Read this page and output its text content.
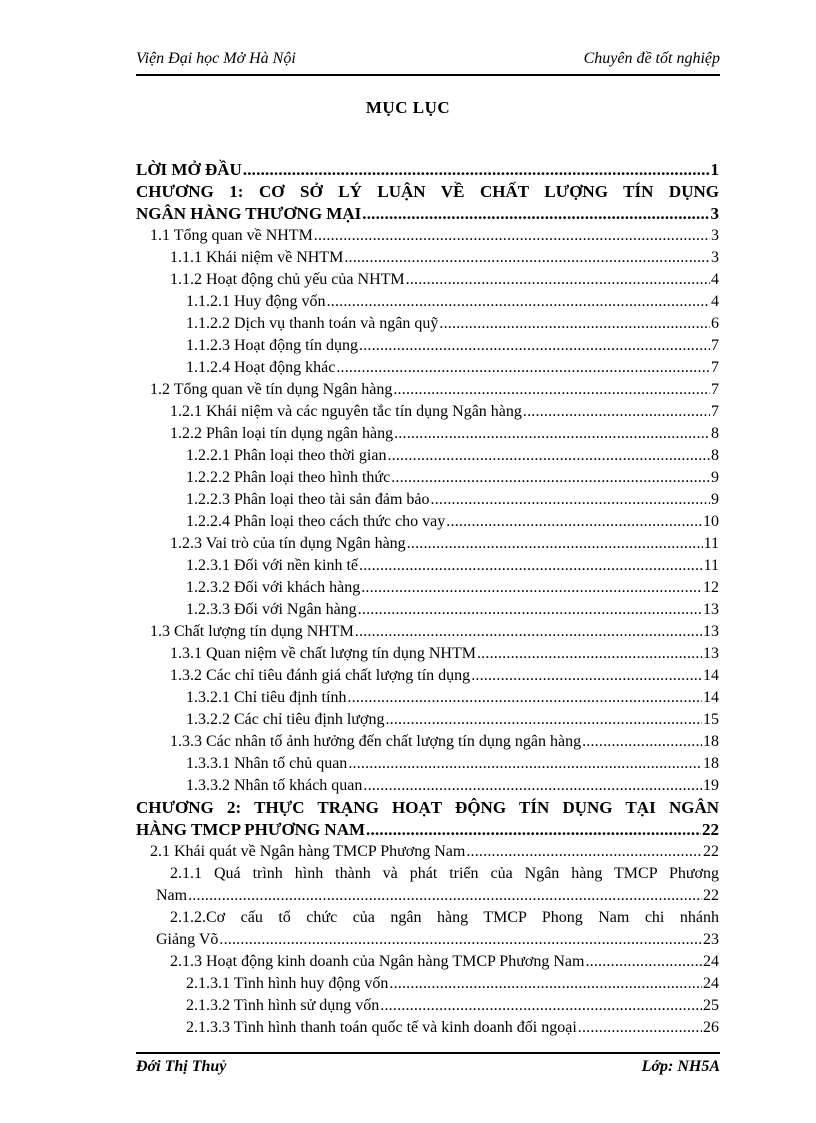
Viện Đại học Mở Hà Nội	Chuyên đề tốt nghiệp
MỤC LỤC
LỜI MỞ ĐẦU .....	1
CHƯƠNG 1: CƠ SỞ LÝ LUẬN VỀ CHẤT LƯỢNG TÍN DỤNG
NGÂN HÀNG THƯƠNG MẠI .....	3
1.1 Tổng quan về NHTM .....	3
1.1.1 Khái niệm về NHTM .....	3
1.1.2 Hoạt động chủ yếu của NHTM .....	4
1.1.2.1 Huy động vốn .....	4
1.1.2.2 Dịch vụ thanh toán và ngân quỹ .....	6
1.1.2.3 Hoạt động tín dụng .....	7
1.1.2.4 Hoạt động khác .....	7
1.2 Tổng quan về tín dụng Ngân hàng .....	7
1.2.1 Khái niệm và các nguyên tắc tín dụng Ngân hàng .....	7
1.2.2 Phân loại tín dụng ngân hàng .....	8
1.2.2.1 Phân loại theo thời gian .....	8
1.2.2.2 Phân loại theo hình thức .....	9
1.2.2.3 Phân loại theo tài sản đảm bảo .....	9
1.2.2.4 Phân loại theo cách thức cho vay .....	10
1.2.3 Vai trò của tín dụng Ngân hàng .....	11
1.2.3.1 Đối với nền kinh tế .....	11
1.2.3.2 Đối với khách hàng .....	12
1.2.3.3 Đối với Ngân hàng .....	13
1.3 Chất lượng tín dụng NHTM .....	13
1.3.1 Quan niệm về chất lượng tín dụng NHTM .....	13
1.3.2 Các chỉ tiêu đánh giá chất lượng tín dụng .....	14
1.3.2.1 Chỉ tiêu định tính .....	14
1.3.2.2 Các chỉ tiêu định lượng .....	15
1.3.3 Các nhân tố ảnh hưởng đến chất lượng tín dụng ngân hàng .....	18
1.3.3.1 Nhân tố chủ quan .....	18
1.3.3.2 Nhân tố khách quan .....	19
CHƯƠNG 2: THỰC TRẠNG HOẠT ĐỘNG TÍN DỤNG TẠI NGÂN
HÀNG TMCP PHƯƠNG NAM .....	22
2.1 Khái quát về Ngân hàng TMCP Phương Nam .....	22
2.1.1 Quá trình hình thành và phát triển của Ngân hàng TMCP Phương
Nam .....	22
2.1.2.Cơ cấu tổ chức của ngân hàng TMCP Phong Nam chi nhánh
Giảng Võ .....	23
2.1.3 Hoạt động kinh doanh của Ngân hàng TMCP Phương Nam .....	24
2.1.3.1 Tình hình huy động vốn .....	24
2.1.3.2 Tình hình sử dụng vốn .....	25
2.1.3.3 Tình hình thanh toán quốc tế và kinh doanh đối ngoại .....	26
Đới Thị Thuỷ	Lớp: NH5A
